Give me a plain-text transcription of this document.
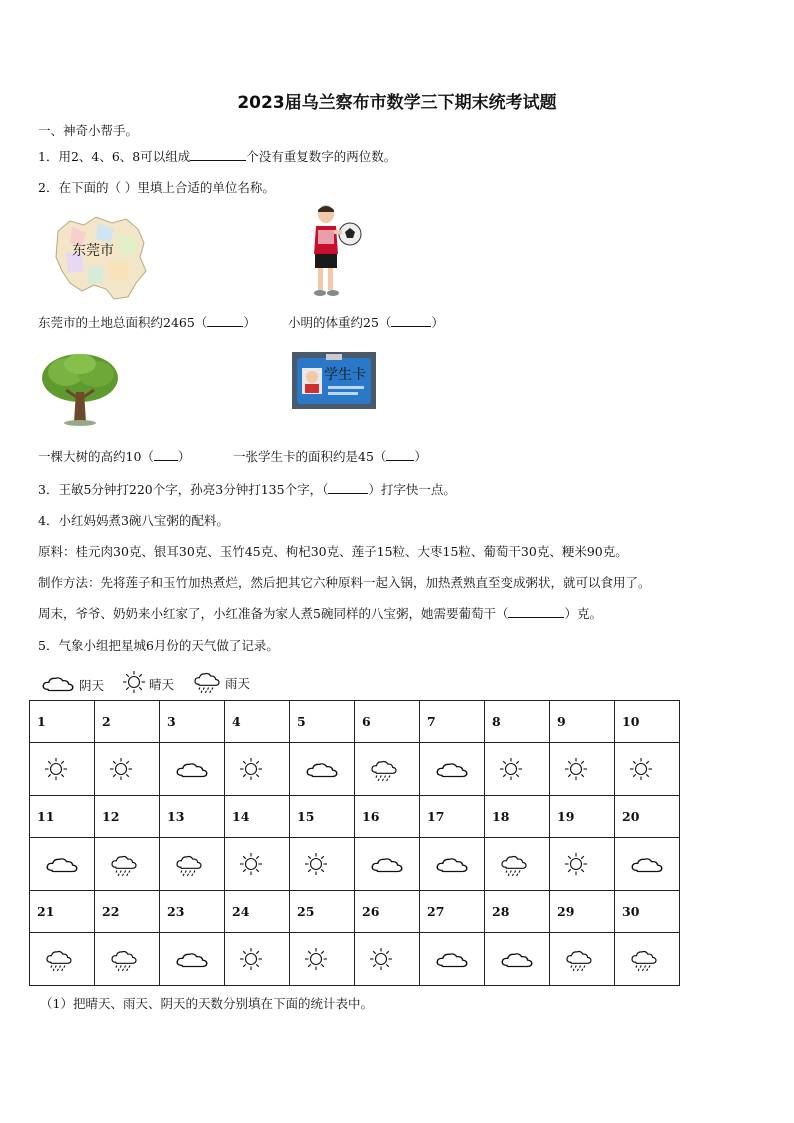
2023届乌兰察布市数学三下期末统考试题
一、神奇小帮手。
1．用2、4、6、8可以组成	个没有重复数字的两位数。
2．在下面的（ ）里填上合适的单位名称。
东莞市
东莞市的土地总面积约2465（	）	小明的体重约25（	）
学生卡
一棵大树的高约10（ ）	一张学生卡的面积约是45（ ）
3．王敏5分钟打220个字，孙亮3分钟打135个字，（	）打字快一点。
4．小红妈妈煮3碗八宝粥的配料。
原料：桂元肉30克、银耳30克、玉竹45克、枸杞30克、莲子15粒、大枣15粒、葡萄干30克、粳米90克。
制作方法：先将莲子和玉竹加热煮烂，然后把其它六种原料一起入锅，加热煮熟直至变成粥状，就可以食用了。
周末，爷爷、奶奶来小红家了，小红准备为家人煮5碗同样的八宝粥，她需要葡萄干（	）克。
5．气象小组把星城6月份的天气做了记录。
阴天
	晴天
	雨天
1	2	3	4	5	6	7	8	9	10

11	12	13	14	15	16	17	18	19	20

21	22	23	24	25	26	27	28	29	30

（1）把晴天、雨天、阴天的天数分别填在下面的统计表中。
